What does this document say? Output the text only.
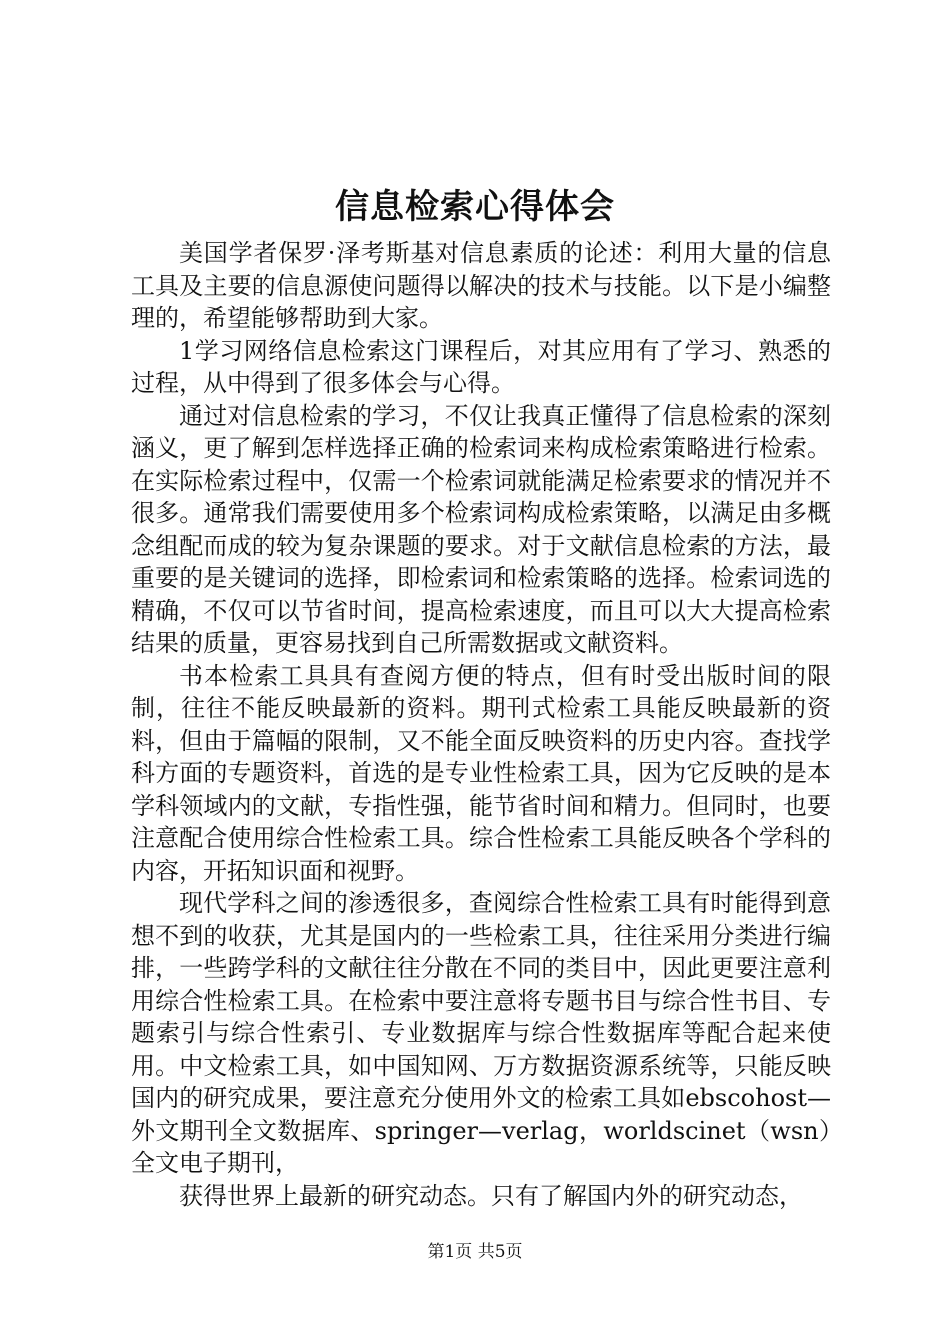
信息检索心得体会

美国学者保罗·泽考斯基对信息素质的论述：利用大量的信息工具及主要的信息源使问题得以解决的技术与技能。以下是小编整理的，希望能够帮助到大家。

1学习网络信息检索这门课程后，对其应用有了学习、熟悉的过程，从中得到了很多体会与心得。

通过对信息检索的学习，不仅让我真正懂得了信息检索的深刻涵义，更了解到怎样选择正确的检索词来构成检索策略进行检索。在实际检索过程中，仅需一个检索词就能满足检索要求的情况并不很多。通常我们需要使用多个检索词构成检索策略，以满足由多概念组配而成的较为复杂课题的要求。对于文献信息检索的方法，最重要的是关键词的选择，即检索词和检索策略的选择。检索词选的精确，不仅可以节省时间，提高检索速度，而且可以大大提高检索结果的质量，更容易找到自己所需数据或文献资料。

书本检索工具具有查阅方便的特点，但有时受出版时间的限制，往往不能反映最新的资料。期刊式检索工具能反映最新的资料，但由于篇幅的限制，又不能全面反映资料的历史内容。查找学科方面的专题资料，首选的是专业性检索工具，因为它反映的是本学科领域内的文献，专指性强，能节省时间和精力。但同时，也要注意配合使用综合性检索工具。综合性检索工具能反映各个学科的内容，开拓知识面和视野。

现代学科之间的渗透很多，查阅综合性检索工具有时能得到意想不到的收获，尤其是国内的一些检索工具，往往采用分类进行编排，一些跨学科的文献往往分散在不同的类目中，因此更要注意利用综合性检索工具。在检索中要注意将专题书目与综合性书目、专题索引与综合性索引、专业数据库与综合性数据库等配合起来使用。中文检索工具，如中国知网、万方数据资源系统等，只能反映国内的研究成果，要注意充分使用外文的检索工具如ebscohost—外文期刊全文数据库、springer—verlag，worldscinet（wsn）全文电子期刊，

获得世界上最新的研究动态。只有了解国内外的研究动态，

第1页 共5页
